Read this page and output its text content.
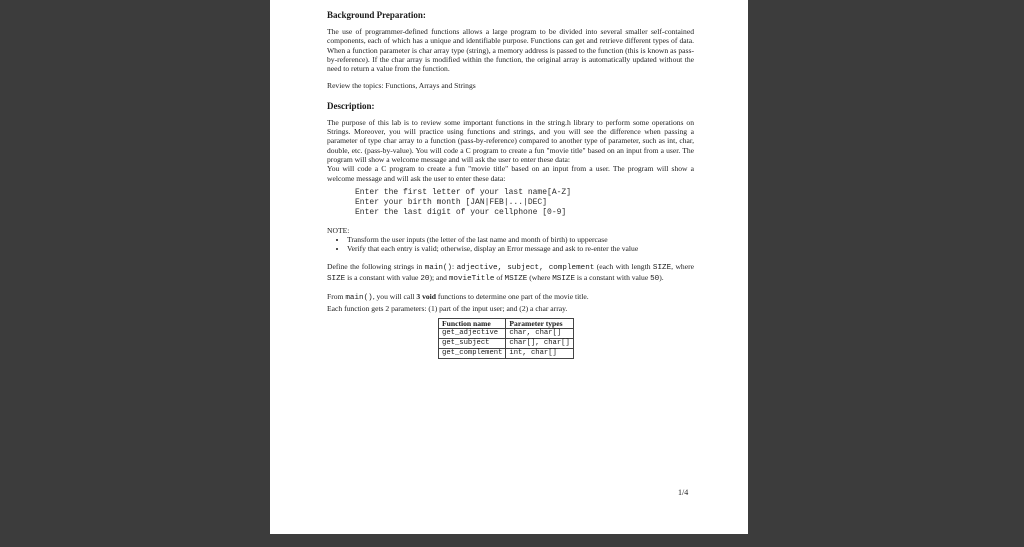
Background Preparation:

The use of programmer-defined functions allows a large program to be divided into several smaller self-contained components, each of which has a unique and identifiable purpose. Functions can get and retrieve different types of data. When a function parameter is char array type (string), a memory address is passed to the function (this is known as pass-by-reference). If the char array is modified within the function, the original array is automatically updated without the need to return a value from the function.

Review the topics: Functions, Arrays and Strings

Description:

The purpose of this lab is to review some important functions in the string.h library to perform some operations on Strings. Moreover, you will practice using functions and strings, and you will see the difference when passing a parameter of type char array to a function (pass-by-reference) compared to another type of parameter, such as int, char, double, etc. (pass-by-value). You will code a C program to create a fun "movie title" based on an input from a user. The program will show a welcome message and will ask the user to enter these data:

You will code a C program to create a fun "movie title" based on an input from a user. The program will show a welcome message and will ask the user to enter these data:

Enter the first letter of your last name[A-Z]
Enter your birth month [JAN|FEB|...|DEC]
Enter the last digit of your cellphone [0-9]

NOTE:

• Transform the user inputs (the letter of the last name and month of birth) to uppercase
• Verify that each entry is valid; otherwise, display an Error message and ask to re-enter the value

Define the following strings in main(): adjective, subject, complement (each with length SIZE, where SIZE is a constant with value 20); and movieTitle of MSIZE (where MSIZE is a constant with value 50).

From main(), you will call 3 void functions to determine one part of the movie title.

Each function gets 2 parameters: (1) part of the input user; and (2) a char array.

Function name	Parameter types
get_adjective	char, char[]
get_subject	char[], char[]
get_complement	int, char[]
1/4
